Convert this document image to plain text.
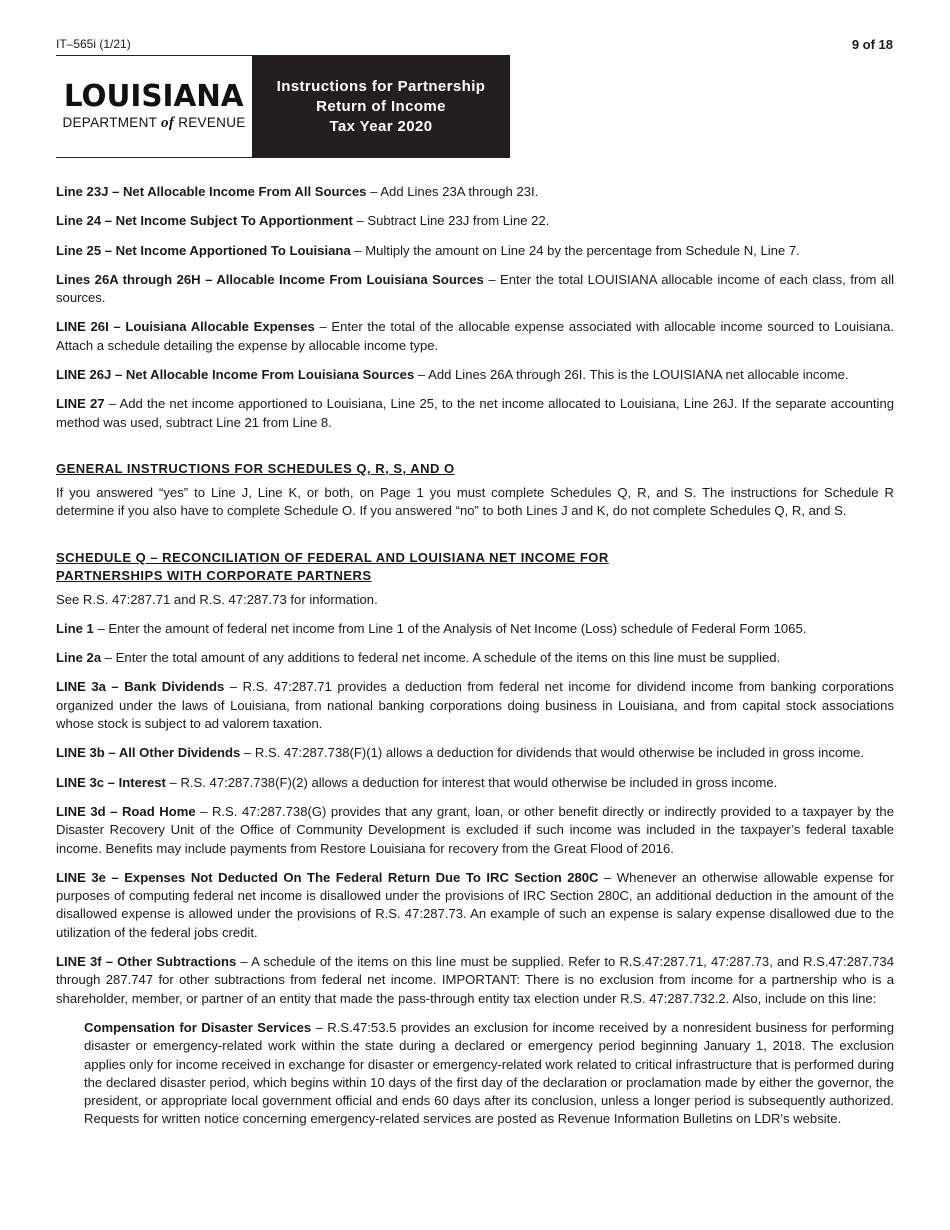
IT–565i (1/21)	9 of 18
LOUISIANA
DEPARTMENT of REVENUE
Instructions for Partnership
Return of Income
Tax Year 2020

Line 23J – Net Allocable Income From All Sources – Add Lines 23A through 23I.

Line 24 – Net Income Subject To Apportionment – Subtract Line 23J from Line 22.

Line 25 – Net Income Apportioned To Louisiana – Multiply the amount on Line 24 by the percentage from Schedule N, Line 7.

Lines 26A through 26H – Allocable Income From Louisiana Sources – Enter the total LOUISIANA allocable income of each class, from all sources.

LINE 26I – Louisiana Allocable Expenses – Enter the total of the allocable expense associated with allocable income sourced to Louisiana. Attach a schedule detailing the expense by allocable income type.

LINE 26J – Net Allocable Income From Louisiana Sources – Add Lines 26A through 26I. This is the LOUISIANA net allocable income.

LINE 27 – Add the net income apportioned to Louisiana, Line 25, to the net income allocated to Louisiana, Line 26J. If the separate accounting method was used, subtract Line 21 from Line 8.

GENERAL INSTRUCTIONS FOR SCHEDULES Q, R, S, AND O

If you answered “yes” to Line J, Line K, or both, on Page 1 you must complete Schedules Q, R, and S. The instructions for Schedule R determine if you also have to complete Schedule O. If you answered “no” to both Lines J and K, do not complete Schedules Q, R, and S.

SCHEDULE Q – RECONCILIATION OF FEDERAL AND LOUISIANA NET INCOME FOR
PARTNERSHIPS WITH CORPORATE PARTNERS

See R.S. 47:287.71 and R.S. 47:287.73 for information.

Line 1 – Enter the amount of federal net income from Line 1 of the Analysis of Net Income (Loss) schedule of Federal Form 1065.

Line 2a – Enter the total amount of any additions to federal net income. A schedule of the items on this line must be supplied.

LINE 3a – Bank Dividends – R.S. 47:287.71 provides a deduction from federal net income for dividend income from banking corporations organized under the laws of Louisiana, from national banking corporations doing business in Louisiana, and from capital stock associations whose stock is subject to ad valorem taxation.

LINE 3b – All Other Dividends – R.S. 47:287.738(F)(1) allows a deduction for dividends that would otherwise be included in gross income.

LINE 3c – Interest – R.S. 47:287.738(F)(2) allows a deduction for interest that would otherwise be included in gross income.

LINE 3d – Road Home – R.S. 47:287.738(G) provides that any grant, loan, or other benefit directly or indirectly provided to a taxpayer by the Disaster Recovery Unit of the Office of Community Development is excluded if such income was included in the taxpayer’s federal taxable income. Benefits may include payments from Restore Louisiana for recovery from the Great Flood of 2016.

LINE 3e – Expenses Not Deducted On The Federal Return Due To IRC Section 280C – Whenever an otherwise allowable expense for purposes of computing federal net income is disallowed under the provisions of IRC Section 280C, an additional deduction in the amount of the disallowed expense is allowed under the provisions of R.S. 47:287.73. An example of such an expense is salary expense disallowed due to the utilization of the federal jobs credit.

LINE 3f – Other Subtractions – A schedule of the items on this line must be supplied. Refer to R.S.47:287.71, 47:287.73, and R.S.47:287.734 through 287.747 for other subtractions from federal net income. IMPORTANT: There is no exclusion from income for a partnership who is a shareholder, member, or partner of an entity that made the pass-through entity tax election under R.S. 47:287.732.2. Also, include on this line:

Compensation for Disaster Services – R.S.47:53.5 provides an exclusion for income received by a nonresident business for performing disaster or emergency-related work within the state during a declared or emergency period beginning January 1, 2018. The exclusion applies only for income received in exchange for disaster or emergency-related work related to critical infrastructure that is performed during the declared disaster period, which begins within 10 days of the first day of the declaration or proclamation made by either the governor, the president, or appropriate local government official and ends 60 days after its conclusion, unless a longer period is subsequently authorized. Requests for written notice concerning emergency-related services are posted as Revenue Information Bulletins on LDR's website.
